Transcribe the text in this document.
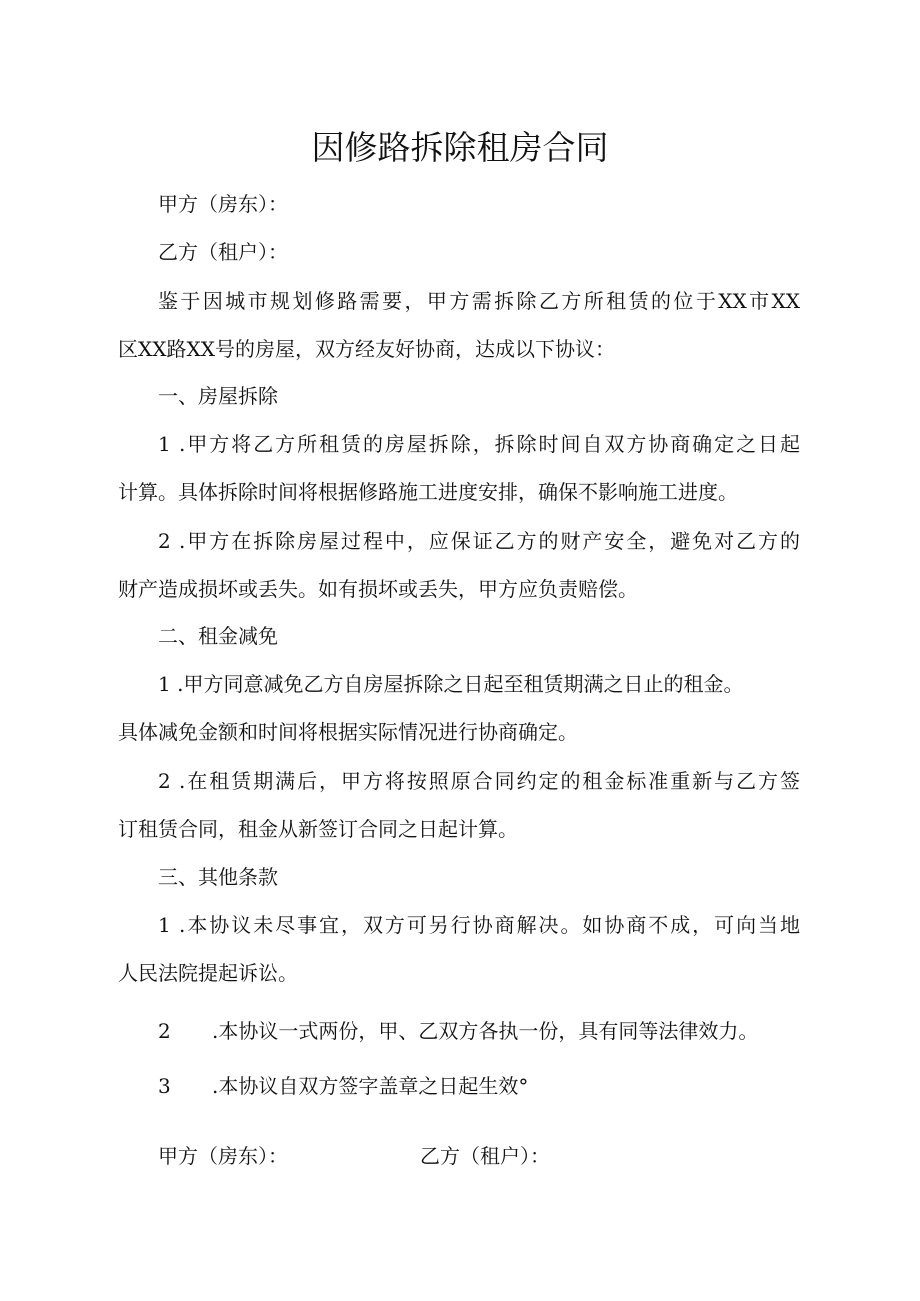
因修路拆除租房合同

甲方（房东）：

乙方（租户）：

鉴于因城市规划修路需要，甲方需拆除乙方所租赁的位于XX市XX

区XX路XX号的房屋，双方经友好协商，达成以下协议：

一、房屋拆除

1 .甲方将乙方所租赁的房屋拆除，拆除时间自双方协商确定之日起

计算。具体拆除时间将根据修路施工进度安排，确保不影响施工进度。

2 .甲方在拆除房屋过程中，应保证乙方的财产安全，避免对乙方的

财产造成损坏或丢失。如有损坏或丢失，甲方应负责赔偿。

二、租金减免

1 .甲方同意减免乙方自房屋拆除之日起至租赁期满之日止的租金。

具体减免金额和时间将根据实际情况进行协商确定。

2 .在租赁期满后，甲方将按照原合同约定的租金标准重新与乙方签

订租赁合同，租金从新签订合同之日起计算。

三、其他条款

1 .本协议未尽事宜，双方可另行协商解决。如协商不成，可向当地

人民法院提起诉讼。

2 .本协议一式两份，甲、乙双方各执一份，具有同等法律效力。
3 .本协议自双方签字盖章之日起生效°
甲方（房东）：	乙方（租户）：
